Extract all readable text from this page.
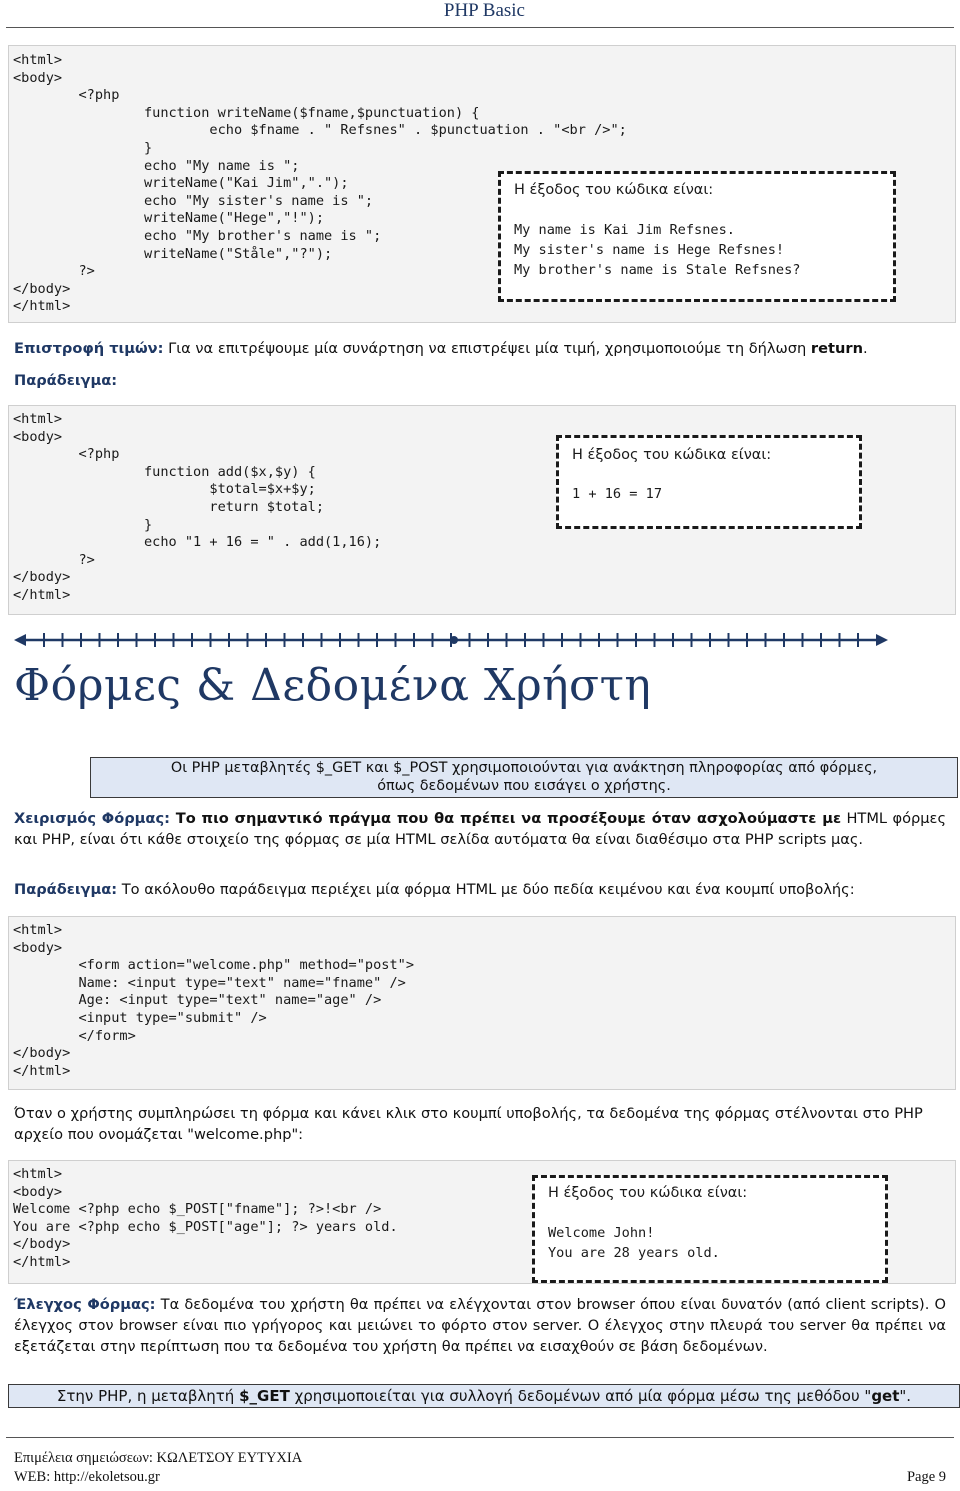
PHP Basic
<html>
<body>
<?php
function writeName($fname,$punctuation) {
echo $fname . " Refsnes" . $punctuation . "<br />";
}
echo "My name is ";
writeName("Kai Jim",".");
echo "My sister's name is ";
writeName("Hege","!");
echo "My brother's name is ";
writeName("Ståle","?");
?>
</body>
</html>
Η έξοδος του κώδικα είναι:
My name is Kai Jim Refsnes.
My sister's name is Hege Refsnes!
My brother's name is Stale Refsnes?
Επιστροφή τιμών: Για να επιτρέψουμε μία συνάρτηση να επιστρέψει μία τιμή, χρησιμοποιούμε τη δήλωση return.
Παράδειγμα:
<html>
<body>
<?php
function add($x,$y) {
$total=$x+$y;
return $total;
}
echo "1 + 16 = " . add(1,16);
?>
</body>
</html>
Η έξοδος του κώδικα είναι:
1 + 16 = 17
Φόρμες & Δεδομένα Χρήστη
Οι PHP μεταβλητές $_GET και $_POST χρησιμοποιούνται για ανάκτηση πληροφορίας από φόρμες,
όπως δεδομένων που εισάγει ο χρήστης.
Χειρισμός Φόρμας: Το πιο σημαντικό πράγμα που θα πρέπει να προσέξουμε όταν ασχολούμαστε με HTML φόρμες και PHP, είναι ότι κάθε στοιχείο της φόρμας σε μία HTML σελίδα αυτόματα θα είναι διαθέσιμο στα PHP scripts μας.
Παράδειγμα: Το ακόλουθο παράδειγμα περιέχει μία φόρμα HTML με δύο πεδία κειμένου και ένα κουμπί υποβολής:
<html>
<body>
<form action="welcome.php" method="post">
Name: <input type="text" name="fname" />
Age: <input type="text" name="age" />
<input type="submit" />
</form>
</body>
</html>
Όταν ο χρήστης συμπληρώσει τη φόρμα και κάνει κλικ στο κουμπί υποβολής, τα δεδομένα της φόρμας στέλνονται στο PHP αρχείο που ονομάζεται "welcome.php":
<html>
<body>
Welcome <?php echo $_POST["fname"]; ?>!<br />
You are <?php echo $_POST["age"]; ?> years old.
</body>
</html>
Η έξοδος του κώδικα είναι:
Welcome John!
You are 28 years old.
Έλεγχος Φόρμας: Τα δεδομένα του χρήστη θα πρέπει να ελέγχονται στον browser όπου είναι δυνατόν (από client scripts). Ο έλεγχος στον browser είναι πιο γρήγορος και μειώνει το φόρτο στον server. Ο έλεγχος στην πλευρά του server θα πρέπει να εξετάζεται στην περίπτωση που τα δεδομένα του χρήστη θα πρέπει να εισαχθούν σε βάση δεδομένων.
Στην PHP, η μεταβλητή $_GET χρησιμοποιείται για συλλογή δεδομένων από μία φόρμα μέσω της μεθόδου "get".
Επιμέλεια σημειώσεων: ΚΩΛΕΤΣΟΥ ΕΥΤΥΧΙΑ
WEB: http://ekoletsou.gr	Page 9
